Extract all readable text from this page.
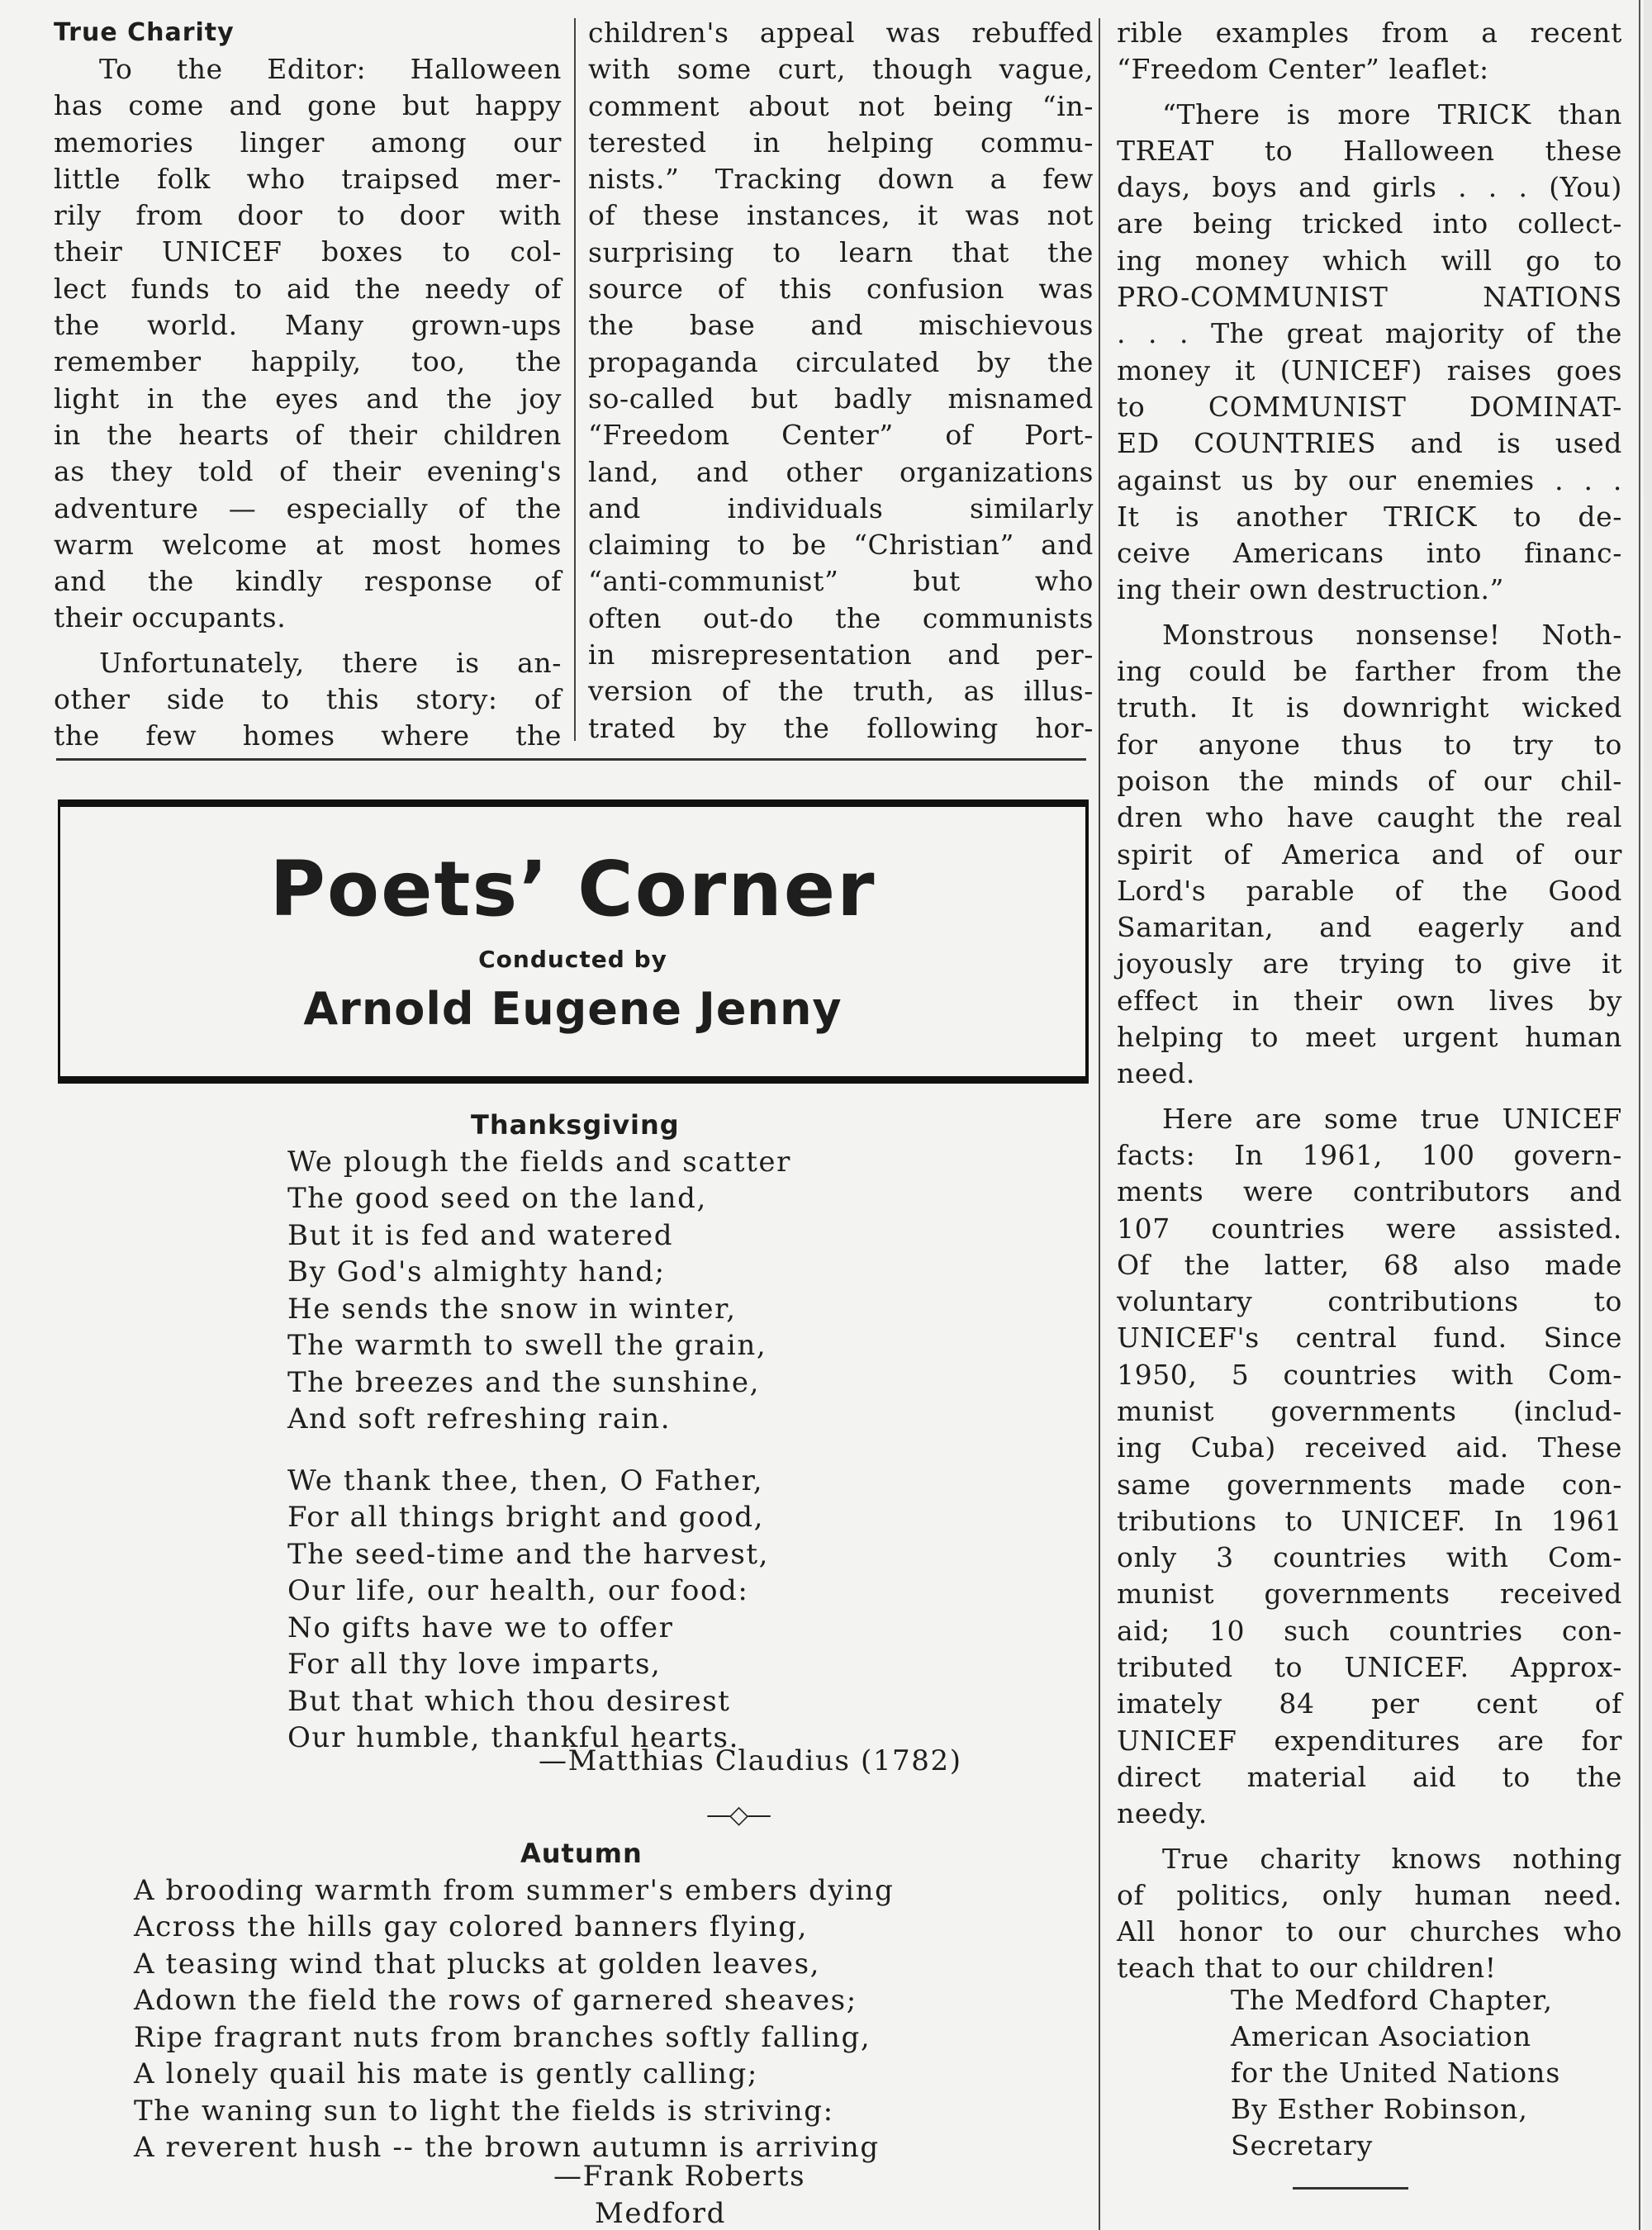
True Charity
To the Editor: Halloween
has come and gone but happy
memories linger among our
little folk who traipsed mer-
rily from door to door with
their UNICEF boxes to col-
lect funds to aid the needy of
the world. Many grown-ups
remember happily, too, the
light in the eyes and the joy
in the hearts of their children
as they told of their evening's
adventure — especially of the
warm welcome at most homes
and the kindly response of
their occupants.
Unfortunately, there is an-
other side to this story: of
the few homes where the
children's appeal was rebuffed
with some curt, though vague,
comment about not being “in-
terested in helping commu-
nists.” Tracking down a few
of these instances, it was not
surprising to learn that the
source of this confusion was
the base and mischievous
propaganda circulated by the
so-called but badly misnamed
“Freedom Center” of Port-
land, and other organizations
and individuals similarly
claiming to be “Christian” and
“anti-communist” but who
often out-do the communists
in misrepresentation and per-
version of the truth, as illus-
trated by the following hor-
rible examples from a recent
“Freedom Center” leaflet:
“There is more TRICK than
TREAT to Halloween these
days, boys and girls . . . (You)
are being tricked into collect-
ing money which will go to
PRO-COMMUNIST NATIONS
. . . The great majority of the
money it (UNICEF) raises goes
to COMMUNIST DOMINAT-
ED COUNTRIES and is used
against us by our enemies . . .
It is another TRICK to de-
ceive Americans into financ-
ing their own destruction.”
Monstrous nonsense! Noth-
ing could be farther from the
truth. It is downright wicked
for anyone thus to try to
poison the minds of our chil-
dren who have caught the real
spirit of America and of our
Lord's parable of the Good
Samaritan, and eagerly and
joyously are trying to give it
effect in their own lives by
helping to meet urgent human
need.
Here are some true UNICEF
facts: In 1961, 100 govern-
ments were contributors and
107 countries were assisted.
Of the latter, 68 also made
voluntary contributions to
UNICEF's central fund. Since
1950, 5 countries with Com-
munist governments (includ-
ing Cuba) received aid. These
same governments made con-
tributions to UNICEF. In 1961
only 3 countries with Com-
munist governments received
aid; 10 such countries con-
tributed to UNICEF. Approx-
imately 84 per cent of
UNICEF expenditures are for
direct material aid to the
needy.
True charity knows nothing
of politics, only human need.
All honor to our churches who
teach that to our children!
The Medford Chapter,
American Asociation
for the United Nations
By Esther Robinson,
Secretary
Poets’ Corner
Conducted by
Arnold Eugene Jenny
Thanksgiving
We plough the fields and scatter
The good seed on the land,
But it is fed and watered
By God's almighty hand;
He sends the snow in winter,
The warmth to swell the grain,
The breezes and the sunshine,
And soft refreshing rain.
We thank thee, then, O Father,
For all things bright and good,
The seed-time and the harvest,
Our life, our health, our food:
No gifts have we to offer
For all thy love imparts,
But that which thou desirest
Our humble, thankful hearts.
—Matthias Claudius (1782)
—◇—
Autumn
A brooding warmth from summer's embers dying
Across the hills gay colored banners flying,
A teasing wind that plucks at golden leaves,
Adown the field the rows of garnered sheaves;
Ripe fragrant nuts from branches softly falling,
A lonely quail his mate is gently calling;
The waning sun to light the fields is striving:
A reverent hush -- the brown autumn is arriving
—Frank Roberts
Medford
